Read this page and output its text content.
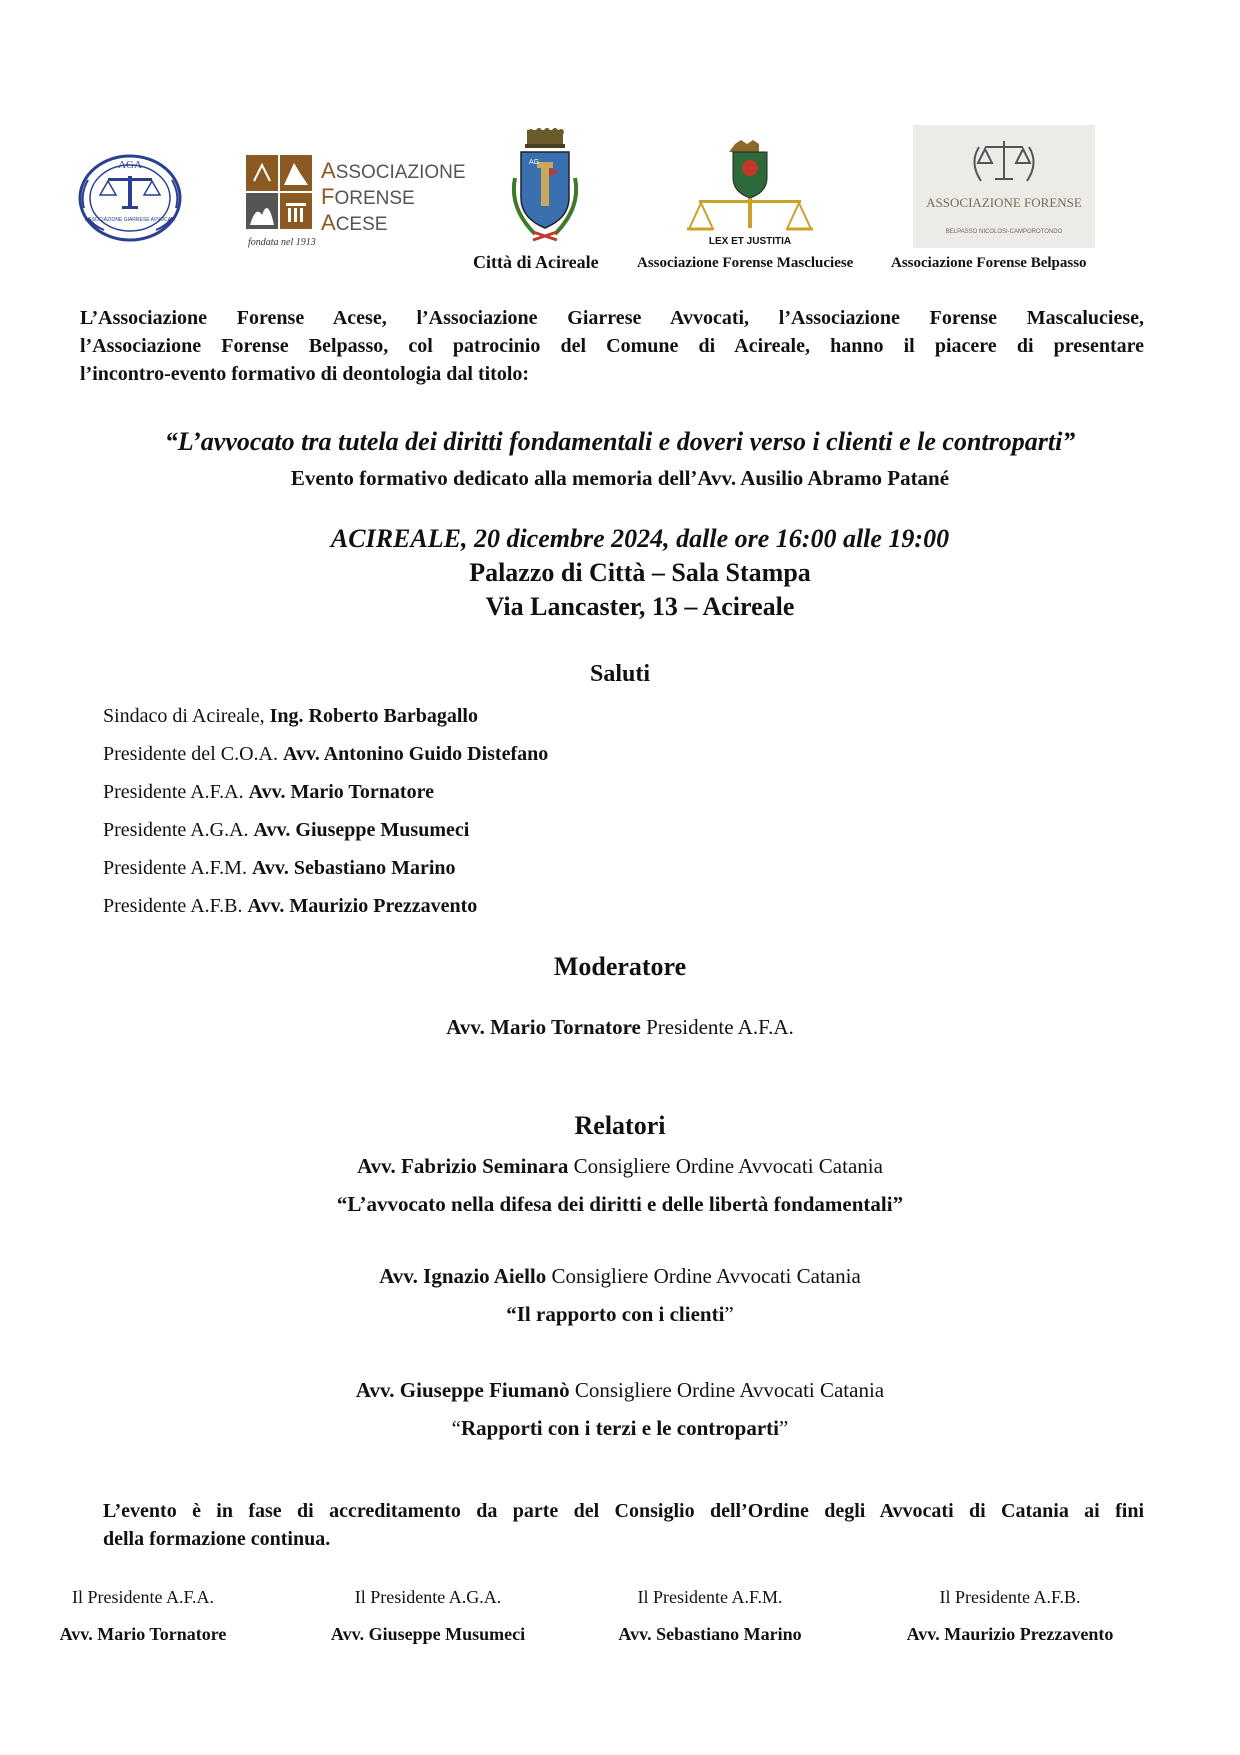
AGA
ASSOCIAZIONE GIARRESE AVVOCATI
ASSOCIAZIONE
FORENSE
ACESE
fondata nel 1913
AG
LEX ET JUSTITIA
ASSOCIAZIONE FORENSE
BELPASSO NICOLOSI-CAMPOROTONDO
Città di Acireale	Associazione Forense Mascluciese	Associazione Forense Belpasso
L’Associazione Forense Acese, l’Associazione Giarrese Avvocati, l’Associazione Forense Mascaluciese,
l’Associazione Forense Belpasso, col patrocinio del Comune di Acireale, hanno il piacere di presentare
l’incontro-evento formativo di deontologia dal titolo:
“L’avvocato tra tutela dei diritti fondamentali e doveri verso i clienti e le controparti”
Evento formativo dedicato alla memoria dell’Avv. Ausilio Abramo Patané
ACIREALE, 20 dicembre 2024, dalle ore 16:00 alle 19:00
Palazzo di Città – Sala Stampa
Via Lancaster, 13 – Acireale
Saluti
Sindaco di Acireale, Ing. Roberto Barbagallo
Presidente del C.O.A. Avv. Antonino Guido Distefano
Presidente A.F.A. Avv. Mario Tornatore
Presidente A.G.A. Avv. Giuseppe Musumeci
Presidente A.F.M. Avv. Sebastiano Marino
Presidente A.F.B. Avv. Maurizio Prezzavento
Moderatore
Avv. Mario Tornatore Presidente A.F.A.
Relatori
Avv. Fabrizio Seminara Consigliere Ordine Avvocati Catania
“L’avvocato nella difesa dei diritti e delle libertà fondamentali”
Avv. Ignazio Aiello Consigliere Ordine Avvocati Catania
“Il rapporto con i clienti”
Avv. Giuseppe Fiumanò Consigliere Ordine Avvocati Catania
“Rapporti con i terzi e le controparti”
L’evento è in fase di accreditamento da parte del Consiglio dell’Ordine degli Avvocati di Catania ai fini
della formazione continua.
Il Presidente A.F.A.
Avv. Mario Tornatore
Il Presidente A.G.A.
Avv. Giuseppe Musumeci
Il Presidente A.F.M.
Avv. Sebastiano Marino
Il Presidente A.F.B.
Avv. Maurizio Prezzavento
